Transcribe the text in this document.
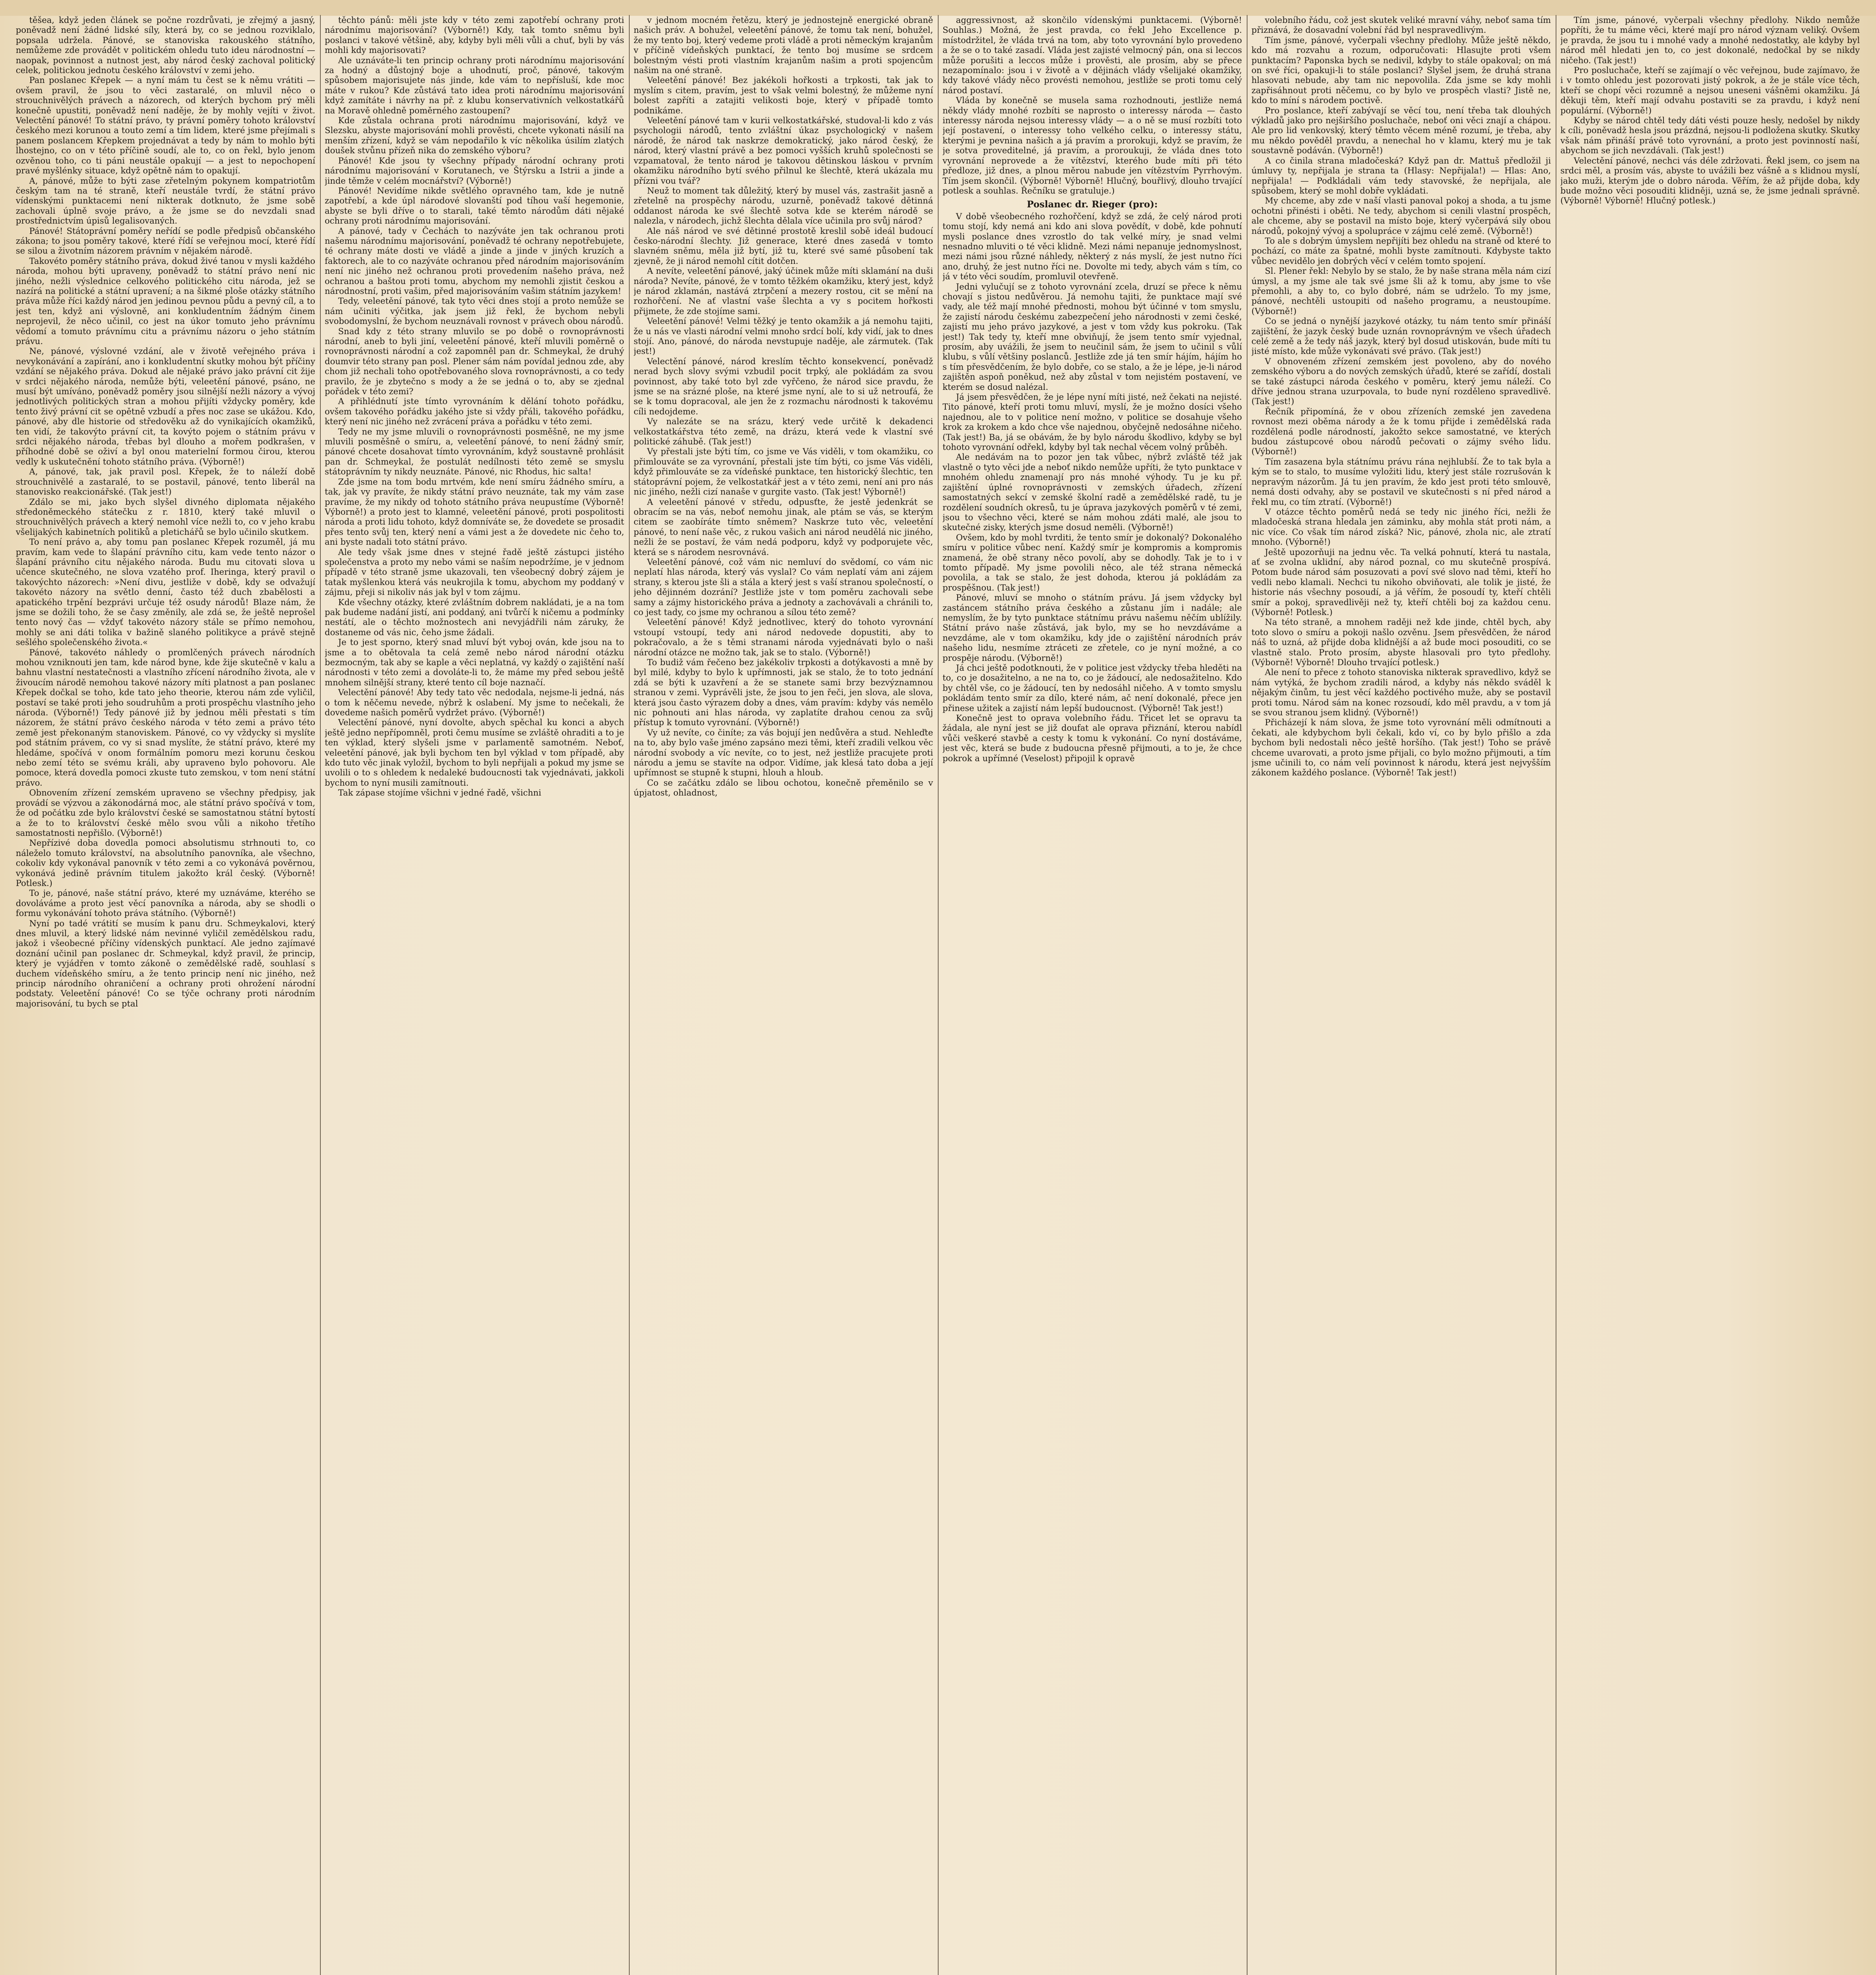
těšea, když jeden článek se počne rozdrůvati, je zřejmý a jasný, poněvadž není žádné lidské síly, která by, co se jednou rozviklalo, popsala udržela. Pánové, se stanoviska rakouského státního, nemůžeme zde provádět v politickém ohledu tuto ideu národnostní — naopak, povinnost a nutnost jest, aby národ český zachoval politický celek, politickou jednotu českého království v zemi jeho.

Pan poslanec Křepek — a nyní mám tu čest se k němu vrátiti — ovšem pravil, že jsou to věci zastaralé, on mluvil něco o strouchnivělých právech a názorech, od kterých bychom prý měli konečně upustiti, poněvadž není naděje, že by mohly vejíti v život. Velectění pánové! To státní právo, ty právní poměry tohoto království českého mezi korunou a touto zemí a tím lidem, které jsme přejímali s panem poslancem Křepkem projednávat a tedy by nám to mohlo býti lhostejno, co on v této příčině soudí, ale to, co on řekl, bylo jenom ozvěnou toho, co ti páni neustále opakují — a jest to nepochopení pravé myšlénky situace, když opětně nám to opakují.

A, pánové, může to býti zase zřetelným pokynem kompatriotům českým tam na té straně, kteří neustále tvrdí, že státní právo vídenskými punktacemi není nikterak dotknuto, že jsme sobě zachovali úplně svoje právo, a že jsme se do nevzdali snad prostřednictvím úpisů legalisovaných.

Pánové! Státoprávní poměry neřídí se podle předpisů občanského zákona; to jsou poměry takové, které řídí se veřejnou mocí, které řídí se silou a životním názorem právním v nějakém národě.

Takovéto poměry státního práva, dokud živé tanou v mysli každého národa, mohou býti upraveny, poněvadž to státní právo není nic jiného, nežli výslednice celkového politického citu národa, jež se nazírá na politické a státní upravení; a na šikmé ploše otázky státního práva může říci každý národ jen jedinou pevnou půdu a pevný cíl, a to jest ten, když ani výslovně, ani konkludentním žádným činem neprojevil, že něco učinil, co jest na úkor tomuto jeho právnímu vědomí a tomuto právnímu citu a právnímu názoru o jeho státním právu.

Ne, pánové, výslovné vzdání, ale v životě veřejného práva i nevykonávání a zapírání, ano i konkludentní skutky mohou být příčiny vzdání se nějakého práva. Dokud ale nějaké právo jako právní cit žije v srdci nějakého národa, nemůže býti, veleetění pánové, psáno, ne musí být umíváno, poněvadž poměry jsou silnější nežli názory a vývoj jednotlivých politických stran a mohou přijíti vždycky poměry, kde tento živý právní cit se opětně vzbudí a přes noc zase se ukážou. Kdo, pánové, aby dle historie od středověku až do vynikajících okamžiků, ten vidí, že takovýto právní cit, ta kovýto pojem o státním právu v srdci nějakého národa, třebas byl dlouho a mořem podkrašen, v příhodné době se oživí a byl onou materielní formou čirou, kterou vedly k uskutečnění tohoto státního práva. (Výborně!)

A, pánové, tak, jak pravil posl. Křepek, že to náleží době strouchnivělé a zastaralé, to se postavil, pánové, tento liberál na stanovisko reakcionářské. (Tak jest!)

Zdálo se mi, jako bych slyšel divného diplomata nějakého středoněmeckého státečku z r. 1810, který také mluvil o strouchnivělých právech a který nemohl více nežli to, co v jeho krabu všelijakých kabinetních politiků a pletichářů se bylo učinilo skutkem.

To není právo a, aby tomu pan poslanec Křepek rozuměl, já mu pravím, kam vede to šlapání právního citu, kam vede tento názor o šlapání právního citu nějakého národa. Budu mu citovati slova u učence skutečného, ne slova vzatého prof. Iheringa, který pravil o takovýchto názorech: »Není divu, jestliže v době, kdy se odvažují takovéto názory na světlo denní, často též duch zbabělosti a apatického trpění bezprávi určuje též osudy národů! Blaze nám, že jsme se dožili toho, že se časy změnily, ale zdá se, že ještě neprošel tento nový čas — vždyť takovéto názory stále se přímo nemohou, mohly se ani dáti tolika v bažině slaného politikyce a právě stejně sešlého společenského života.«

Pánové, takovéto náhledy o promlčených právech národních mohou vzniknouti jen tam, kde národ byne, kde žije skutečně v kalu a bahnu vlastní nestatečnosti a vlastního zřícení národního života, ale v živoucím národě nemohou takové názory míti platnost a pan poslanec Křepek dočkal se toho, kde tato jeho theorie, kterou nám zde vyličil, postaví se také proti jeho soudruhům a proti prospěchu vlastního jeho národa. (Výborně!) Tedy pánové již by jednou měli přestati s tím názorem, že státní právo českého národa v této zemi a právo této země jest překonaným stanoviskem. Pánové, co vy vždycky si myslíte pod státním právem, co vy si snad myslíte, že státní právo, které my hledáme, spočívá v onom formálním pomoru mezi korunu českou nebo zemí této se svému králi, aby upraveno bylo pohovoru. Ale pomoce, která dovedla pomoci zkuste tuto zemskou, v tom není státní právo.

Obnovením zřízení zemském upraveno se všechny předpisy, jak provádí se výzvou a zákonodárná moc, ale státní právo spočívá v tom, že od počátku zde bylo království české se samostatnou státní bytostí a že to to království české mělo svou vůli a nikoho třetího samostatnosti nepřišlo. (Výborně!)

Nepřízivé doba dovedla pomoci absolutismu strhnouti to, co náleželo tomuto království, na absolutního panovníka, ale všechno, cokoliv kdy vykonával panovník v této zemi a co vykonává pověrnou, vykonává jedině právním titulem jakožto král český. (Výborně! Potlesk.)

To je, pánové, naše státní právo, které my uznáváme, kterého se dovoláváme a proto jest věcí panovníka a národa, aby se shodli o formu vykonávání tohoto práva státního. (Výborně!)

Nyní po tadé vrátití se musím k panu dru. Schmeykalovi, který dnes mluvil, a který lidské nám nevinné vyličil zemědělskou radu, jakož i všeobecné příčiny vídenských punktací. Ale jedno zajímavé doznání učinil pan poslanec dr. Schmeykal, když pravil, že princip, který je vyjádřen v tomto zákoně o zemědělské radě, souhlasí s duchem vídeňského smíru, a že tento princip není nic jiného, než princip národního ohraničení a ochrany proti ohrožení národní podstaty. Veleetění pánové! Co se týče ochrany proti národním majorisování, tu bych se ptal

těchto pánů: měli jste kdy v této zemi zapotřebí ochrany proti národnímu majorisování? (Výborně!) Kdy, tak tomto sněmu byli poslanci v takové většině, aby, kdyby byli měli vůli a chuť, byli by vás mohli kdy majorisovati?

Ale uznáváte-li ten princip ochrany proti národnímu majorisování za hodný a důstojný boje a uhodnutí, proč, pánové, takovým spůsobem majorisujete nás jinde, kde vám to nepřísluší, kde moc máte v rukou? Kde zůstává tato idea proti národnímu majorisování když zamítáte i návrhy na př. z klubu konservativních velkostatkářů na Moravě ohledně poměrného zastoupení?

Kde zůstala ochrana proti národnímu majorisování, když ve Slezsku, abyste majorisování mohli prověsti, chcete vykonati násilí na menším zřízení, když se vám nepodařilo k víc několika úsilím zlatých doušek stvůnu přízeň nika do zemského výboru?

Pánové! Kde jsou ty všechny případy národní ochrany proti národnímu majorisování v Korutanech, ve Štýrsku a Istrii a jinde a jinde těmže v celém mocnářství? (Výborně!)

Pánové! Nevidíme nikde světlého opravného tam, kde je nutně zapotřebí, a kde úpl národové slovanští pod tíhou vaší hegemonie, abyste se byli dříve o to starali, také těmto národům dáti nějaké ochrany proti národnímu majorisování.

A pánové, tady v Čechách to nazýváte jen tak ochranou proti našemu národnímu majorisování, poněvadž té ochrany nepotřebujete, té ochrany máte dosti ve vládě a jinde a jinde v jiných kruzích a faktorech, ale to co nazýváte ochranou před národním majorisováním není nic jiného než ochranou proti provedením našeho práva, než ochranou a baštou proti tomu, abychom my nemohli zjistit českou a národnostní, proti vašim, před majorisováním vašim státním jazykem!

Tedy, veleetění pánové, tak tyto věci dnes stojí a proto nemůže se nám učiniti výčitka, jak jsem již řekl, že bychom nebyli svobodomyslní, že bychom neuznávali rovnost v právech obou národů.

Snad kdy z této strany mluvilo se po době o rovnoprávnosti národní, aneb to byli jiní, veleetění pánové, kteří mluvili poměrně o rovnoprávnosti národní a což zapomněl pan dr. Schmeykal, že druhý doumvir této strany pan posl. Plener sám nám povídal jednou zde, aby chom již nechali toho opotřebovaného slova rovnoprávnosti, a co tedy pravilo, že je zbytečno s mody a že se jedná o to, aby se zjednal pořádek v této zemi?

A přihlédnutí jste tímto vyrovnáním k dělání tohoto pořádku, ovšem takového pořádku jakého jste si vždy přáli, takového pořádku, který není nic jiného než zvrácení práva a pořádku v této zemi.

Tedy ne my jsme mluvili o rovnoprávnosti posměšně, ne my jsme mluvili posměšně o smíru, a, veleetění pánové, to není žádný smír, pánové chcete dosahovat tímto vyrovnáním, když soustavně prohlásit pan dr. Schmeykal, že postulát nedílnosti této země se smyslu státoprávním ty nikdy neuznáte. Pánové, nic Rhodus, hic salta!

Zde jsme na tom bodu mrtvém, kde není smíru žádného smíru, a tak, jak vy pravíte, že nikdy státní právo neuznáte, tak my vám zase pravíme, že my nikdy od tohoto státního práva neupustíme (Výborně! Výborně!) a proto jest to klamné, veleetění pánové, proti pospolitosti národa a proti lidu tohoto, když domníváte se, že dovedete se prosadit přes tento svůj ten, který není a vámi jest a že dovedete nic čeho to, ani byste nadali toto státní právo.

Ale tedy však jsme dnes v stejné řadě ještě zástupci jistého společenstva a proto my nebo vámi se naším nepodržíme, je v jednom případě v této straně jsme ukazovali, ten všeobecný dobrý zájem je tatak myšlenkou která vás neukrojila k tomu, abychom my poddaný v zájmu, přeji si nikoliv nás jak byl v tom zájmu.

Kde všechny otázky, které zvláštním dobrem nakládati, je a na tom pak budeme nadání jistí, ani poddaný, ani tvůrčí k ničemu a podmínky nestátí, ale o těchto možnostech ani nevyjádřili nám záruky, že dostaneme od vás nic, čeho jsme žádali.

Je to jest sporno, který snad mluví být vyboj ován, kde jsou na to jsme a to obětovala ta celá země nebo národ národní otázku bezmocným, tak aby se kaple a věci neplatná, vy každý o zajištění naší národnosti v této zemi a dovoláte-li to, že máme my před sebou ještě mnohem silnější strany, které tento cíl boje naznačí.

Velectění pánové! Aby tedy tato věc nedodala, nejsme-li jedná, nás o tom k něčemu nevede, nýbrž k oslabení. My jsme to nečekali, že dovedeme našich poměrů vydržet právo. (Výborně!)

Velectění pánové, nyní dovolte, abych spěchal ku konci a abych ještě jedno nepřípomněl, proti čemu musíme se zvláště ohraditi a to je ten výklad, který slyšeli jsme v parlamentě samotném. Neboť, veleetění pánové, jak byli bychom ten byl výklad v tom případě, aby kdo tuto věc jinak vyložil, bychom to byli nepřijali a pokud my jsme se uvolili o to s ohledem k nedaleké budoucnosti tak vyjednávati, jakkoli bychom to nyní musili zamítnouti.

Tak zápase stojíme všichni v jedné řadě, všichni

v jednom mocném řetězu, který je jednostejně energické obraně našich práv. A bohužel, veleetění pánové, že tomu tak není, bohužel, že my tento boj, který vedeme proti vládě a proti německým krajanům v příčině vídeňských punktací, že tento boj musíme se srdcem bolestným vésti proti vlastním krajanům našim a proti spojencům našim na oné straně.

Veleetění pánové! Bez jakékoli hořkosti a trpkosti, tak jak to myslím s citem, pravím, jest to však velmi bolestný, že můžeme nyní bolest zapříti a zatajiti velikosti boje, který v případě tomto podnikáme.

Veleetění pánové tam v kurii velkostatkářské, studoval-li kdo z vás psychologii národů, tento zvláštní úkaz psychologický v našem národě, že národ tak naskrze demokratický, jako národ český, že národ, který vlastní právě a bez pomoci vyšších kruhů společnosti se vzpamatoval, že tento národ je takovou dětinskou láskou v prvním okamžiku národního bytí svého přilnul ke šlechtě, která ukázala mu přízni vou tvář?

Neuž to moment tak důležitý, který by musel vás, zastrašit jasně a zřetelně na prospěchy národu, uzurně, poněvadž takové dětinná oddanost národa ke své šlechtě sotva kde se kterém národě se nalezla, v národech, jichž šlechta dělala více učinila pro svůj národ?

Ale náš národ ve své dětinné prostotě kreslil sobě ideál budoucí česko-národní šlechty. Již generace, které dnes zasedá v tomto slavném sněmu, měla již bytí, již tu, které své samé působení tak zjevně, že ji národ nemohl cítit dotčen.

A nevíte, veleetění pánové, jaký účinek může míti sklamání na duši národa? Nevíte, pánové, že v tomto těžkém okamžiku, který jest, když je národ zklamán, nastává ztrpčení a mezery rostou, cit se mění na rozhořčení. Ne ať vlastní vaše šlechta a vy s pocitem hořkosti přijmete, že zde stojíme sami.

Veleetění pánové! Velmi těžký je tento okamžik a já nemohu tajiti, že u nás ve vlasti národní velmi mnoho srdcí bolí, kdy vidí, jak to dnes stojí. Ano, pánové, do národa nevstupuje naděje, ale zármutek. (Tak jest!)

Velectění pánové, národ kreslím těchto konsekvencí, poněvadž nerad bych slovy svými vzbudil pocit trpký, ale pokládám za svou povinnost, aby také toto byl zde vyřčeno, že národ sice pravdu, že jsme se na srázné ploše, na které jsme nyní, ale to si už netroufá, že se k tomu dopracoval, ale jen že z rozmachu národnosti k takovému cíli nedojdeme.

Vy nalezáte se na srázu, který vede určitě k dekadenci velkostatkářstva této země, na drázu, která vede k vlastní své politické záhubě. (Tak jest!)

Vy přestali jste býti tím, co jsme ve Vás viděli, v tom okamžiku, co přimlouváte se za vyrovnání, přestali jste tím býti, co jsme Vás viděli, když přimlouváte se za vídeňské punktace, ten historický šlechtic, ten státoprávní pojem, že velkostatkář jest a v této zemi, není ani pro nás nic jiného, nežli cizí nanaše v gurgite vasto. (Tak jest! Výborně!)

A veleetění pánové v středu, odpusťte, že jestě jedenkrát se obracím se na vás, neboť nemohu jinak, ale ptám se vás, se kterým citem se zaobíráte tímto sněmem? Naskrze tuto věc, veleetění pánové, to není naše věc, z rukou vašich ani národ neudělá nic jiného, nežli že se postaví, že vám nedá podporu, když vy podporujete věc, která se s národem nesrovnává.

Veleetění pánové, což vám nic nemluví do svědomí, co vám nic neplatí hlas národa, který vás vyslal? Co vám neplatí vám ani zájem strany, s kterou jste šli a stála a který jest s vaší stranou společností, o jeho dějinném dozrání? Jestliže jste v tom poměru zachovali sebe samy a zájmy historického práva a jednoty a zachovávali a chránili to, co jest tady, co jsme my ochranou a sílou této země?

Veleetění pánové! Když jednotlivec, který do tohoto vyrovnání vstoupí vstoupí, tedy ani národ nedovede dopustiti, aby to pokračovalo, a že s těmi stranami národa vyjednávati bylo o naši národní otázce ne možno tak, jak se to stalo. (Výborně!)

To budiž vám řečeno bez jakékoliv trpkosti a dotýkavosti a mně by byl milé, kdyby to bylo k upřímnosti, jak se stalo, že to toto jednání zdá se býti k uzavření a že se stanete sami brzy bezvýznamnou stranou v zemi. Vyprávěli jste, že jsou to jen řeči, jen slova, ale slova, která jsou často výrazem doby a dnes, vám pravím: kdyby vás nemělo nic pohnouti ani hlas národa, vy zaplatíte drahou cenou za svůj přístup k tomuto vyrovnání. (Výborně!)

Vy už nevíte, co činíte; za vás bojují jen nedůvěra a stud. Nehleďte na to, aby bylo vaše jméno zapsáno mezi těmi, kteří zradili velkou věc národní svobody a víc nevíte, co to jest, než jestliže pracujete proti národu a jemu se stavíte na odpor. Vidíme, jak klesá tato doba a její upřímnost se stupně k stupni, hlouh a hloub.

Co se začátku zdálo se libou ochotou, konečně přeměnilo se v úpjatost, ohladnost,

aggressivnost, až skončilo vídenskými punktacemi. (Výborně! Souhlas.) Možná, že jest pravda, co řekl Jeho Excellence p. místodržitel, že vláda trvá na tom, aby toto vyrovnání bylo provedeno a že se o to také zasadí. Vláda jest zajisté velmocný pán, ona si leccos může porušiti a leccos může i prověsti, ale prosím, aby se přece nezapomínalo: jsou i v životě a v dějinách vlády všelijaké okamžiky, kdy takové vlády něco provésti nemohou, jestliže se proti tomu celý národ postaví.

Vláda by konečně se musela sama rozhodnouti, jestliže nemá někdy vlády mnohé rozbíti se naprosto o interessy národa — často interessy národa nejsou interessy vlády — a o ně se musí rozbíti toto její postavení, o interessy toho velkého celku, o interessy státu, kterými je pevnina našich a já pravím a prorokuji, když se pravím, že je sotva proveditelné, já pravím, a proroukuji, že vláda dnes toto vyrovnání neprovede a že vítězství, kterého bude míti při této předloze, již dnes, a plnou měrou nabude jen vítězstvím Pyrrhovým. Tím jsem skončil. (Výborně! Výborně! Hlučný, bouřlivý, dlouho trvající potlesk a souhlas. Řečníku se gratuluje.)

Poslanec dr. Rieger (pro):

V době všeobecného rozhořčení, když se zdá, že celý národ proti tomu stojí, kdy nemá ani kdo ani slova povědít, v době, kde pohnutí mysli poslance dnes vzrostlo do tak velké míry, je snad velmi nesnadno mluviti o té věci klidně. Mezi námi nepanuje jednomyslnost, mezi námi jsou různé náhledy, některý z nás myslí, že jest nutno říci ano, druhý, že jest nutno říci ne. Dovolte mi tedy, abych vám s tím, co já v této věci soudím, promluvil otevřeně.

Jedni vylučují se z tohoto vyrovnání zcela, druzí se přece k němu chovají s jistou nedůvěrou. Já nemohu tajiti, že punktace mají své vady, ale též mají mnohé přednosti, mohou být účinné v tom smyslu, že zajistí národu českému zabezpečení jeho národnosti v zemi české, zajistí mu jeho právo jazykové, a jest v tom vždy kus pokroku. (Tak jest!) Tak tedy ty, kteří mne obviňují, že jsem tento smír vyjednal, prosím, aby uvážili, že jsem to neučinil sám, že jsem to učinil s vůlí klubu, s vůlí většiny poslanců. Jestliže zde já ten smír hájím, hájím ho s tím přesvědčením, že bylo dobře, co se stalo, a že je lépe, je-li národ zajištěn aspoň poněkud, než aby zůstal v tom nejistém postavení, ve kterém se dosud nalézal.

Já jsem přesvědčen, že je lépe nyní míti jisté, než čekati na nejisté. Tito pánové, kteří proti tomu mluví, myslí, že je možno dosíci všeho najednou, ale to v politice není možno, v politice se dosahuje všeho krok za krokem a kdo chce vše najednou, obyčejně nedosáhne ničeho. (Tak jest!) Ba, já se obávám, že by bylo národu škodlivo, kdyby se byl tohoto vyrovnání odřekl, kdyby byl tak nechal věcem volný průběh.

Ale nedávám na to pozor jen tak vůbec, nýbrž zvláště též jak vlastně o tyto věci jde a neboť nikdo nemůže upříti, že tyto punktace v mnohém ohledu znamenají pro nás mnohé výhody. Tu je ku př. zajištění úplné rovnoprávnosti v zemských úřadech, zřízení samostatných sekcí v zemské školní radě a zemědělské radě, tu je rozdělení soudních okresů, tu je úprava jazykových poměrů v té zemi, jsou to všechno věci, které se nám mohou zdáti malé, ale jsou to skutečné zisky, kterých jsme dosud neměli. (Výborně!)

Ovšem, kdo by mohl tvrditi, že tento smír je dokonalý? Dokonalého smíru v politice vůbec není. Každý smír je kompromis a kompromis znamená, že obě strany něco povolí, aby se dohodly. Tak je to i v tomto případě. My jsme povolili něco, ale též strana německá povolila, a tak se stalo, že jest dohoda, kterou já pokládám za prospěšnou. (Tak jest!)

Pánové, mluví se mnoho o státním právu. Já jsem vždycky byl zastáncem státního práva českého a zůstanu jím i nadále; ale nemyslím, že by tyto punktace státnímu právu našemu něčím ublížily. Státní právo naše zůstává, jak bylo, my se ho nevzdáváme a nevzdáme, ale v tom okamžiku, kdy jde o zajištění národních práv našeho lidu, nesmíme ztráceti ze zřetele, co je nyní možné, a co prospěje národu. (Výborně!)

Já chci ještě podotknouti, že v politice jest vždycky třeba hleděti na to, co je dosažitelno, a ne na to, co je žádoucí, ale nedosažitelno. Kdo by chtěl vše, co je žádoucí, ten by nedosáhl ničeho. A v tomto smyslu pokládám tento smír za dílo, které nám, ač není dokonalé, přece jen přinese užitek a zajistí nám lepší budoucnost. (Výborně! Tak jest!)

Konečně jest to oprava volebního řádu. Třicet let se opravu ta žádala, ale nyní jest se již doufat ale oprava přiznání, kterou nabídl vůči veškeré stavbě a cesty k tomu k vykonání. Co nyní dostáváme, jest věc, která se bude z budoucna přesně přijmouti, a to je, že chce pokrok a upřímné (Veselost) připojil k opravě

volebního řádu, což jest skutek veliké mravní váhy, neboť sama tím přiznává, že dosavadní volební řád byl nespravedlivým.

Tím jsme, pánové, vyčerpali všechny předlohy. Může ještě někdo, kdo má rozvahu a rozum, odporučovati: Hlasujte proti všem punktacím? Paponska bych se nedivil, kdyby to stále opakoval; on má on své říci, opakuji-li to stále poslanci? Slyšel jsem, že druhá strana hlasovati nebude, aby tam nic nepovolila. Zda jsme se kdy mohli zapřisáhnout proti něčemu, co by bylo ve prospěch vlasti? Jistě ne, kdo to míní s národem poctivě.

Pro poslance, kteří zabývají se věcí tou, není třeba tak dlouhých výkladů jako pro nejširšího posluchače, neboť oni věci znají a chápou. Ale pro lid venkovský, který těmto věcem méně rozumí, je třeba, aby mu někdo pověděl pravdu, a nenechal ho v klamu, který mu je tak soustavně podáván. (Výborně!)

A co činila strana mladočeská? Když pan dr. Mattuš předložil ji úmluvy ty, nepřijala je strana ta (Hlasy: Nepřijala!) — Hlas: Ano, nepřijala! — Podkládali vám tedy stavovské, že nepřijala, ale spůsobem, který se mohl dobře vykládati.

My chceme, aby zde v naší vlasti panoval pokoj a shoda, a tu jsme ochotni přinésti i oběti. Ne tedy, abychom si cenili vlastní prospěch, ale chceme, aby se postavil na místo boje, který vyčerpává sily obou národů, pokojný vývoj a spolupráce v zájmu celé země. (Výborně!)

To ale s dobrým úmyslem nepřijíti bez ohledu na straně od které to pochází, co máte za špatné, mohli byste zamítnouti. Kdybyste takto vůbec nevidělo jen dobrých věcí v celém tomto spojení.

Sl. Plener řekl: Nebylo by se stalo, že by naše strana měla nám cizí úmysl, a my jsme ale tak své jsme šli až k tomu, aby jsme to vše přemohli, a aby to, co bylo dobré, nám se udrželo. To my jsme, pánové, nechtěli ustoupiti od našeho programu, a neustoupíme. (Výborně!)

Co se jedná o nynější jazykové otázky, tu nám tento smír přináší zajištění, že jazyk český bude uznán rovnoprávným ve všech úřadech celé země a že tedy náš jazyk, který byl dosud utiskován, bude míti tu jisté místo, kde může vykonávati své právo. (Tak jest!)

V obnoveném zřízení zemském jest povoleno, aby do nového zemského výboru a do nových zemských úřadů, které se zařídí, dostali se také zástupci národa českého v poměru, který jemu náleží. Co dříve jednou strana uzurpovala, to bude nyní rozděleno spravedlivě. (Tak jest!)

Řečník připomíná, že v obou zřízeních zemské jen zavedena rovnost mezi oběma národy a že k tomu přijde i zemědělská rada rozdělená podle národností, jakožto sekce samostatné, ve kterých budou zástupcové obou národů pečovati o zájmy svého lidu. (Výborně!)

Tím zasazena byla státnímu právu rána nejhlubší. Že to tak byla a kým se to stalo, to musíme vyložiti lidu, který jest stále rozrušován k nepravým názorům. Já tu jen pravím, že kdo jest proti této smlouvě, nemá dosti odvahy, aby se postavil ve skutečnosti s ní před národ a řekl mu, co tím ztratí. (Výborně!)

V otázce těchto poměrů nedá se tedy nic jiného říci, nežli že mladočeská strana hledala jen záminku, aby mohla stát proti nám, a nic více. Co však tím národ získá? Nic, pánové, zhola nic, ale ztratí mnoho. (Výborně!)

Ještě upozorňuji na jednu věc. Ta velká pohnutí, která tu nastala, ať se zvolna uklidní, aby národ poznal, co mu skutečně prospívá. Potom bude národ sám posuzovati a poví své slovo nad těmi, kteří ho vedli nebo klamali. Nechci tu nikoho obviňovati, ale tolik je jisté, že historie nás všechny posoudí, a já věřím, že posoudí ty, kteří chtěli smír a pokoj, spravedlivěji než ty, kteří chtěli boj za každou cenu. (Výborně! Potlesk.)

Na této straně, a mnohem raději než kde jinde, chtěl bych, aby toto slovo o smíru a pokoji našlo ozvěnu. Jsem přesvědčen, že národ náš to uzná, až přijde doba klidnější a až bude moci posouditi, co se vlastně stalo. Proto prosím, abyste hlasovali pro tyto předlohy. (Výborně! Výborně! Dlouho trvající potlesk.)

Ale není to přece z tohoto stanoviska nikterak spravedlivo, když se nám vytýká, že bychom zradili národ, a kdyby nás někdo sváděl k nějakým činům, tu jest věcí každého poctivého muže, aby se postavil proti tomu. Národ sám na konec rozsoudí, kdo měl pravdu, a v tom já se svou stranou jsem klidný. (Výborně!)

Přicházejí k nám slova, že jsme toto vyrovnání měli odmítnouti a čekati, ale kdybychom byli čekali, kdo ví, co by bylo přišlo a zda bychom byli nedostali něco ještě horšího. (Tak jest!) Toho se právě chceme uvarovati, a proto jsme přijali, co bylo možno přijmouti, a tím jsme učinili to, co nám velí povinnost k národu, která jest nejvyšším zákonem každého poslance. (Výborně! Tak jest!)

Tím jsme, pánové, vyčerpali všechny předlohy. Nikdo nemůže popříti, že tu máme věci, které mají pro národ význam veliký. Ovšem je pravda, že jsou tu i mnohé vady a mnohé nedostatky, ale kdyby byl národ měl hledati jen to, co jest dokonalé, nedočkal by se nikdy ničeho. (Tak jest!)

Pro posluchače, kteří se zajímají o věc veřejnou, bude zajímavo, že i v tomto ohledu jest pozorovati jistý pokrok, a že je stále více těch, kteří se chopí věci rozumně a nejsou uneseni vášněmi okamžiku. Já děkuji těm, kteří mají odvahu postaviti se za pravdu, i když není populární. (Výborně!)

Kdyby se národ chtěl tedy dáti vésti pouze hesly, nedošel by nikdy k cíli, poněvadž hesla jsou prázdná, nejsou-li podložena skutky. Skutky však nám přináší právě toto vyrovnání, a proto jest povinností naší, abychom se jich nevzdávali. (Tak jest!)

Velectění pánové, nechci vás déle zdržovati. Řekl jsem, co jsem na srdci měl, a prosím vás, abyste to uvážili bez vášně a s klidnou myslí, jako muži, kterým jde o dobro národa. Věřím, že až přijde doba, kdy bude možno věci posouditi klidněji, uzná se, že jsme jednali správně. (Výborně! Výborně! Hlučný potlesk.)
